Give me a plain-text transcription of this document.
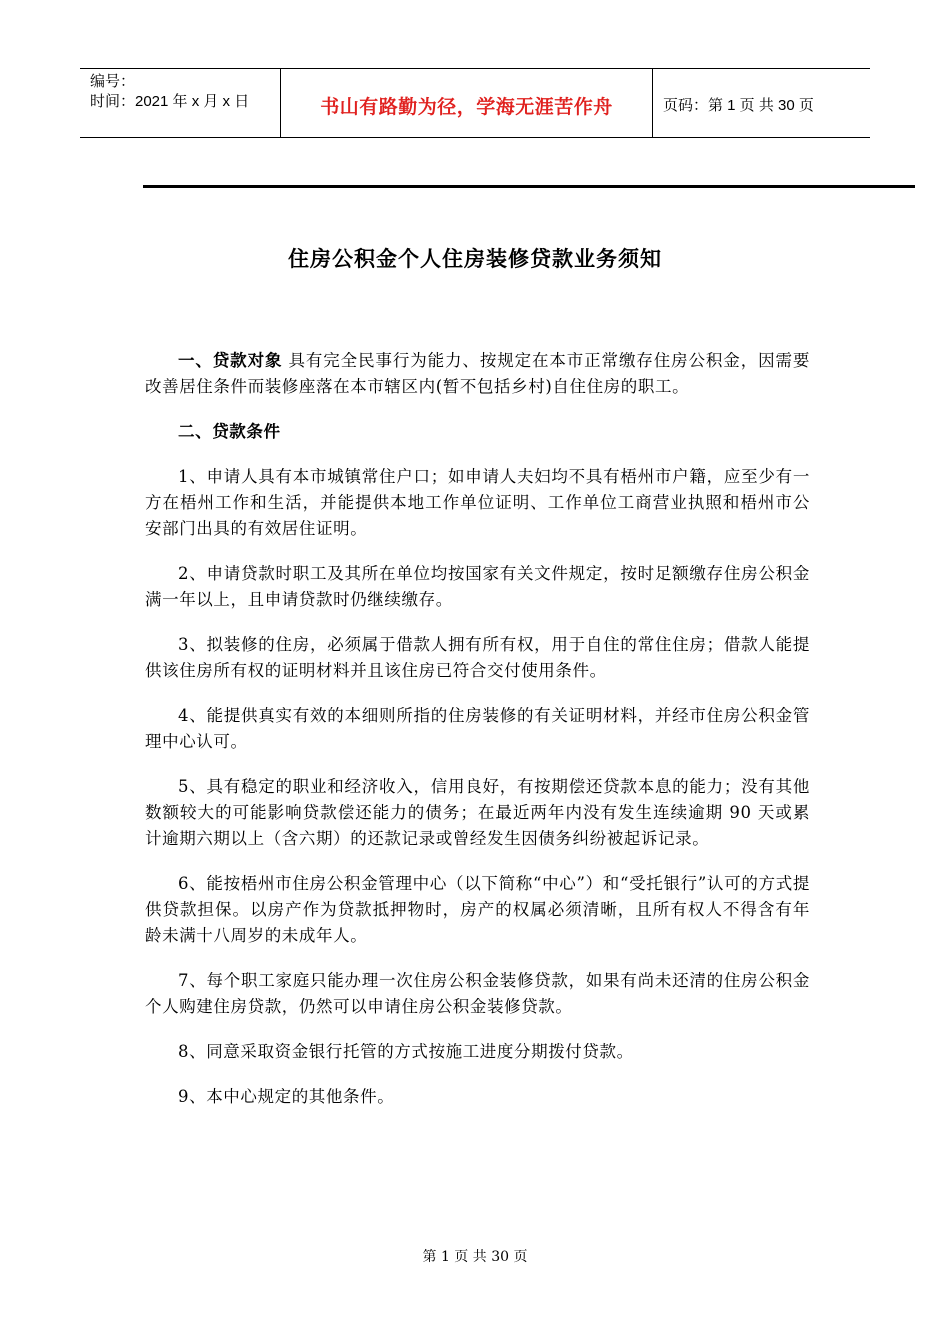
编号：
时间：2021 年 x 月 x 日	书山有路勤为径，学海无涯苦作舟	页码：第 1 页 共 30 页
住房公积金个人住房装修贷款业务须知

一、贷款对象 具有完全民事行为能力、按规定在本市正常缴存住房公积金，因需要改善居住条件而装修座落在本市辖区内(暂不包括乡村)自住住房的职工。

二、贷款条件

1、申请人具有本市城镇常住户口；如申请人夫妇均不具有梧州市户籍，应至少有一方在梧州工作和生活，并能提供本地工作单位证明、工作单位工商营业执照和梧州市公安部门出具的有效居住证明。

2、申请贷款时职工及其所在单位均按国家有关文件规定，按时足额缴存住房公积金满一年以上，且申请贷款时仍继续缴存。

3、拟装修的住房，必须属于借款人拥有所有权，用于自住的常住住房；借款人能提供该住房所有权的证明材料并且该住房已符合交付使用条件。

4、能提供真实有效的本细则所指的住房装修的有关证明材料，并经市住房公积金管理中心认可。

5、具有稳定的职业和经济收入，信用良好，有按期偿还贷款本息的能力；没有其他数额较大的可能影响贷款偿还能力的债务；在最近两年内没有发生连续逾期 90 天或累计逾期六期以上（含六期）的还款记录或曾经发生因债务纠纷被起诉记录。

6、能按梧州市住房公积金管理中心（以下简称“中心”）和“受托银行”认可的方式提供贷款担保。以房产作为贷款抵押物时，房产的权属必须清晰，且所有权人不得含有年龄未满十八周岁的未成年人。

7、每个职工家庭只能办理一次住房公积金装修贷款，如果有尚未还清的住房公积金个人购建住房贷款，仍然可以申请住房公积金装修贷款。

8、同意采取资金银行托管的方式按施工进度分期拨付贷款。

9、本中心规定的其他条件。

第 1 页 共 30 页
